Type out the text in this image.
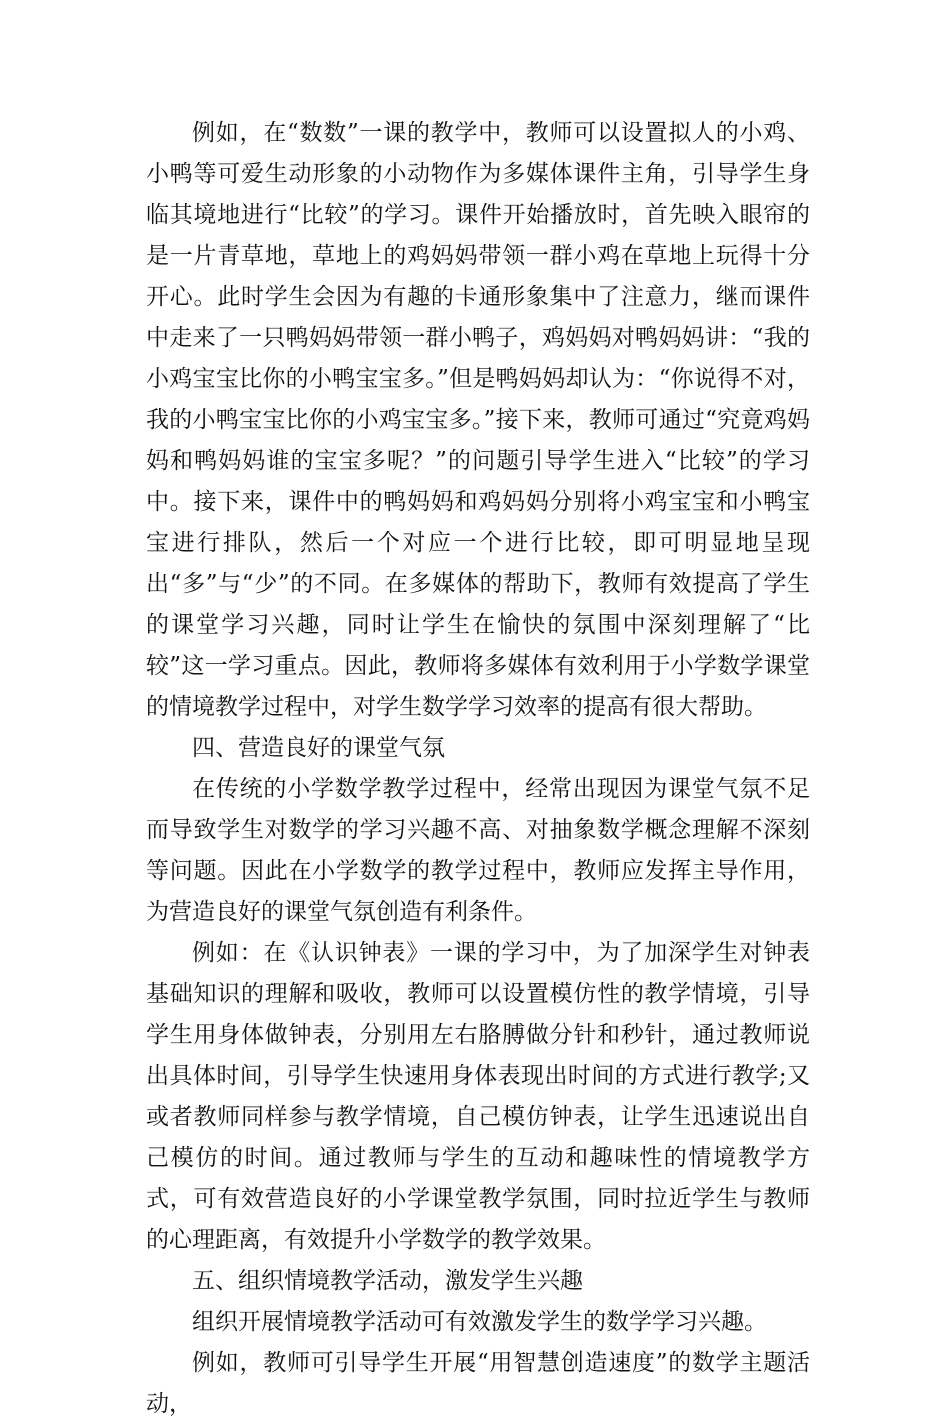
例如，在“数数”一课的教学中，教师可以设置拟人的小鸡、小鸭等可爱生动形象的小动物作为多媒体课件主角，引导学生身临其境地进行“比较”的学习。课件开始播放时，首先映入眼帘的是一片青草地，草地上的鸡妈妈带领一群小鸡在草地上玩得十分开心。此时学生会因为有趣的卡通形象集中了注意力，继而课件中走来了一只鸭妈妈带领一群小鸭子，鸡妈妈对鸭妈妈讲：“我的小鸡宝宝比你的小鸭宝宝多。”但是鸭妈妈却认为：“你说得不对，我的小鸭宝宝比你的小鸡宝宝多。”接下来，教师可通过“究竟鸡妈妈和鸭妈妈谁的宝宝多呢？”的问题引导学生进入“比较”的学习中。接下来，课件中的鸭妈妈和鸡妈妈分别将小鸡宝宝和小鸭宝宝进行排队，然后一个对应一个进行比较，即可明显地呈现出“多”与“少”的不同。在多媒体的帮助下，教师有效提高了学生的课堂学习兴趣，同时让学生在愉快的氛围中深刻理解了“比较”这一学习重点。因此，教师将多媒体有效利用于小学数学课堂的情境教学过程中，对学生数学学习效率的提高有很大帮助。

四、营造良好的课堂气氛

在传统的小学数学教学过程中，经常出现因为课堂气氛不足而导致学生对数学的学习兴趣不高、对抽象数学概念理解不深刻等问题。因此在小学数学的教学过程中，教师应发挥主导作用，为营造良好的课堂气氛创造有利条件。

例如：在《认识钟表》一课的学习中，为了加深学生对钟表基础知识的理解和吸收，教师可以设置模仿性的教学情境，引导学生用身体做钟表，分别用左右胳膊做分针和秒针，通过教师说出具体时间，引导学生快速用身体表现出时间的方式进行教学;又或者教师同样参与教学情境，自己模仿钟表，让学生迅速说出自己模仿的时间。通过教师与学生的互动和趣味性的情境教学方式，可有效营造良好的小学课堂教学氛围，同时拉近学生与教师的心理距离，有效提升小学数学的教学效果。

五、组织情境教学活动，激发学生兴趣

组织开展情境教学活动可有效激发学生的数学学习兴趣。

例如，教师可引导学生开展“用智慧创造速度”的数学主题活动，
